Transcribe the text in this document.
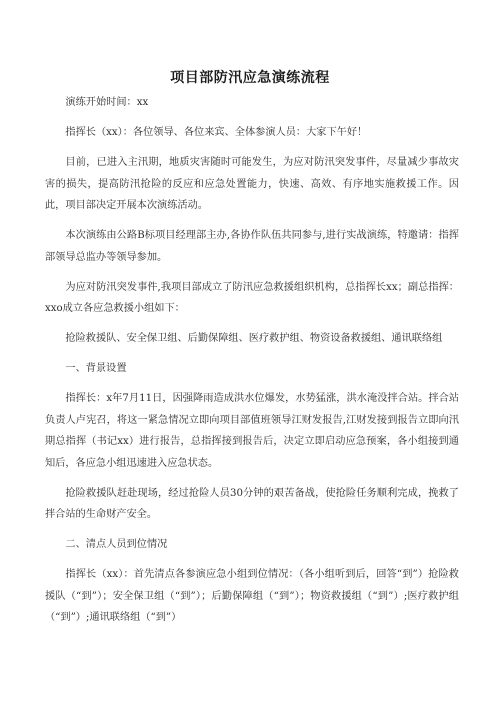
项目部防汛应急演练流程

演练开始时间：xx

指挥长（xx）：各位领导、各位来宾、全体参演人员：大家下午好！

目前，已进入主汛期，地质灾害随时可能发生，为应对防汛突发事件，尽量减少事故灾害的损失，提高防汛抢险的反应和应急处置能力，快速、高效、有序地实施救援工作。因此，项目部决定开展本次演练活动。

本次演练由公路B标项目经理部主办,各协作队伍共同参与,进行实战演练，特邀请：指挥部领导总监办等领导参加。

为应对防汛突发事件,我项目部成立了防汛应急救援组织机构，总指挥长xx；副总指挥：xxo成立各应急救援小组如下：

抢险救援队、安全保卫组、后勤保障组、医疗救护组、物资设备救援组、通讯联络组

一、背景设置

指挥长：x年7月11日，因强降雨造成洪水位爆发，水势猛涨，洪水淹没拌合站。拌合站负责人卢宪召，将这一紧急情况立即向项目部值班领导江财发报告,江财发接到报告立即向汛期总指挥（书记xx）进行报告，总指挥接到报告后，决定立即启动应急预案，各小组接到通知后，各应急小组迅速进入应急状态。

抢险救援队赶赴现场，经过抢险人员30分钟的艰苦备战，使抢险任务顺利完成，挽救了拌合站的生命财产安全。

二、清点人员到位情况

指挥长（xx）：首先清点各参演应急小组到位情况：（各小组听到后，回答“到”）抢险救援队（“到”）；安全保卫组（“到”）；后勤保障组（“到”）；物资救援组（“到”）;医疗救护组（“到”）;通讯联络组（“到”）
